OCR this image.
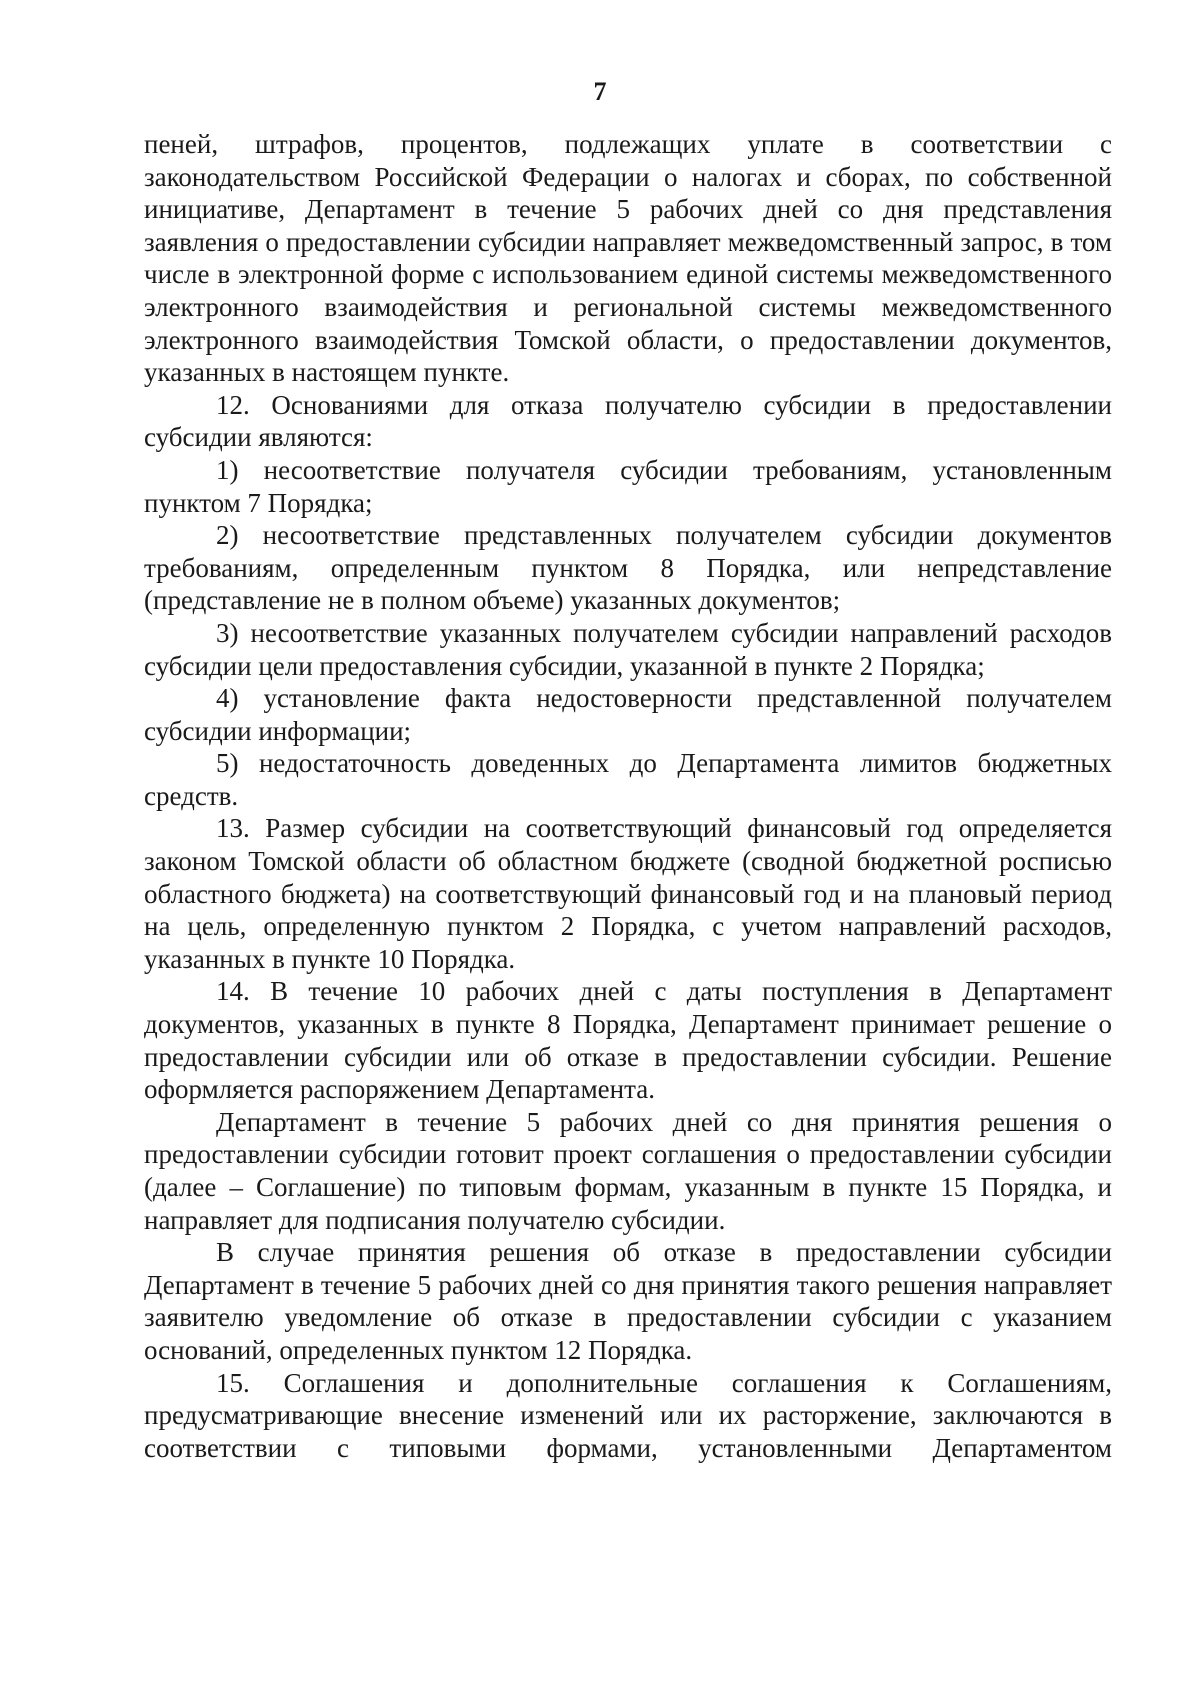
7

пеней, штрафов, процентов, подлежащих уплате в соответствии с законодательством Российской Федерации о налогах и сборах, по собственной инициативе, Департамент в течение 5 рабочих дней со дня представления заявления о предоставлении субсидии направляет межведомственный запрос, в том числе в электронной форме с использованием единой системы межведомственного электронного взаимодействия и региональной системы межведомственного электронного взаимодействия Томской области, о предоставлении документов, указанных в настоящем пункте.

12. Основаниями для отказа получателю субсидии в предоставлении субсидии являются:

1) несоответствие получателя субсидии требованиям, установленным пунктом 7 Порядка;

2) несоответствие представленных получателем субсидии документов требованиям, определенным пунктом 8 Порядка, или непредставление (представление не в полном объеме) указанных документов;

3) несоответствие указанных получателем субсидии направлений расходов субсидии цели предоставления субсидии, указанной в пункте 2 Порядка;

4) установление факта недостоверности представленной получателем субсидии информации;

5) недостаточность доведенных до Департамента лимитов бюджетных средств.

13. Размер субсидии на соответствующий финансовый год определяется законом Томской области об областном бюджете (сводной бюджетной росписью областного бюджета) на соответствующий финансовый год и на плановый период на цель, определенную пунктом 2 Порядка, с учетом направлений расходов, указанных в пункте 10 Порядка.

14. В течение 10 рабочих дней с даты поступления в Департамент документов, указанных в пункте 8 Порядка, Департамент принимает решение о предоставлении субсидии или об отказе в предоставлении субсидии. Решение оформляется распоряжением Департамента.

Департамент в течение 5 рабочих дней со дня принятия решения о предоставлении субсидии готовит проект соглашения о предоставлении субсидии (далее – Соглашение) по типовым формам, указанным в пункте 15 Порядка, и направляет для подписания получателю субсидии.

В случае принятия решения об отказе в предоставлении субсидии Департамент в течение 5 рабочих дней со дня принятия такого решения направляет заявителю уведомление об отказе в предоставлении субсидии с указанием оснований, определенных пунктом 12 Порядка.

15. Соглашения и дополнительные соглашения к Соглашениям, предусматривающие внесение изменений или их расторжение, заключаются в соответствии с типовыми формами, установленными Департаментом
